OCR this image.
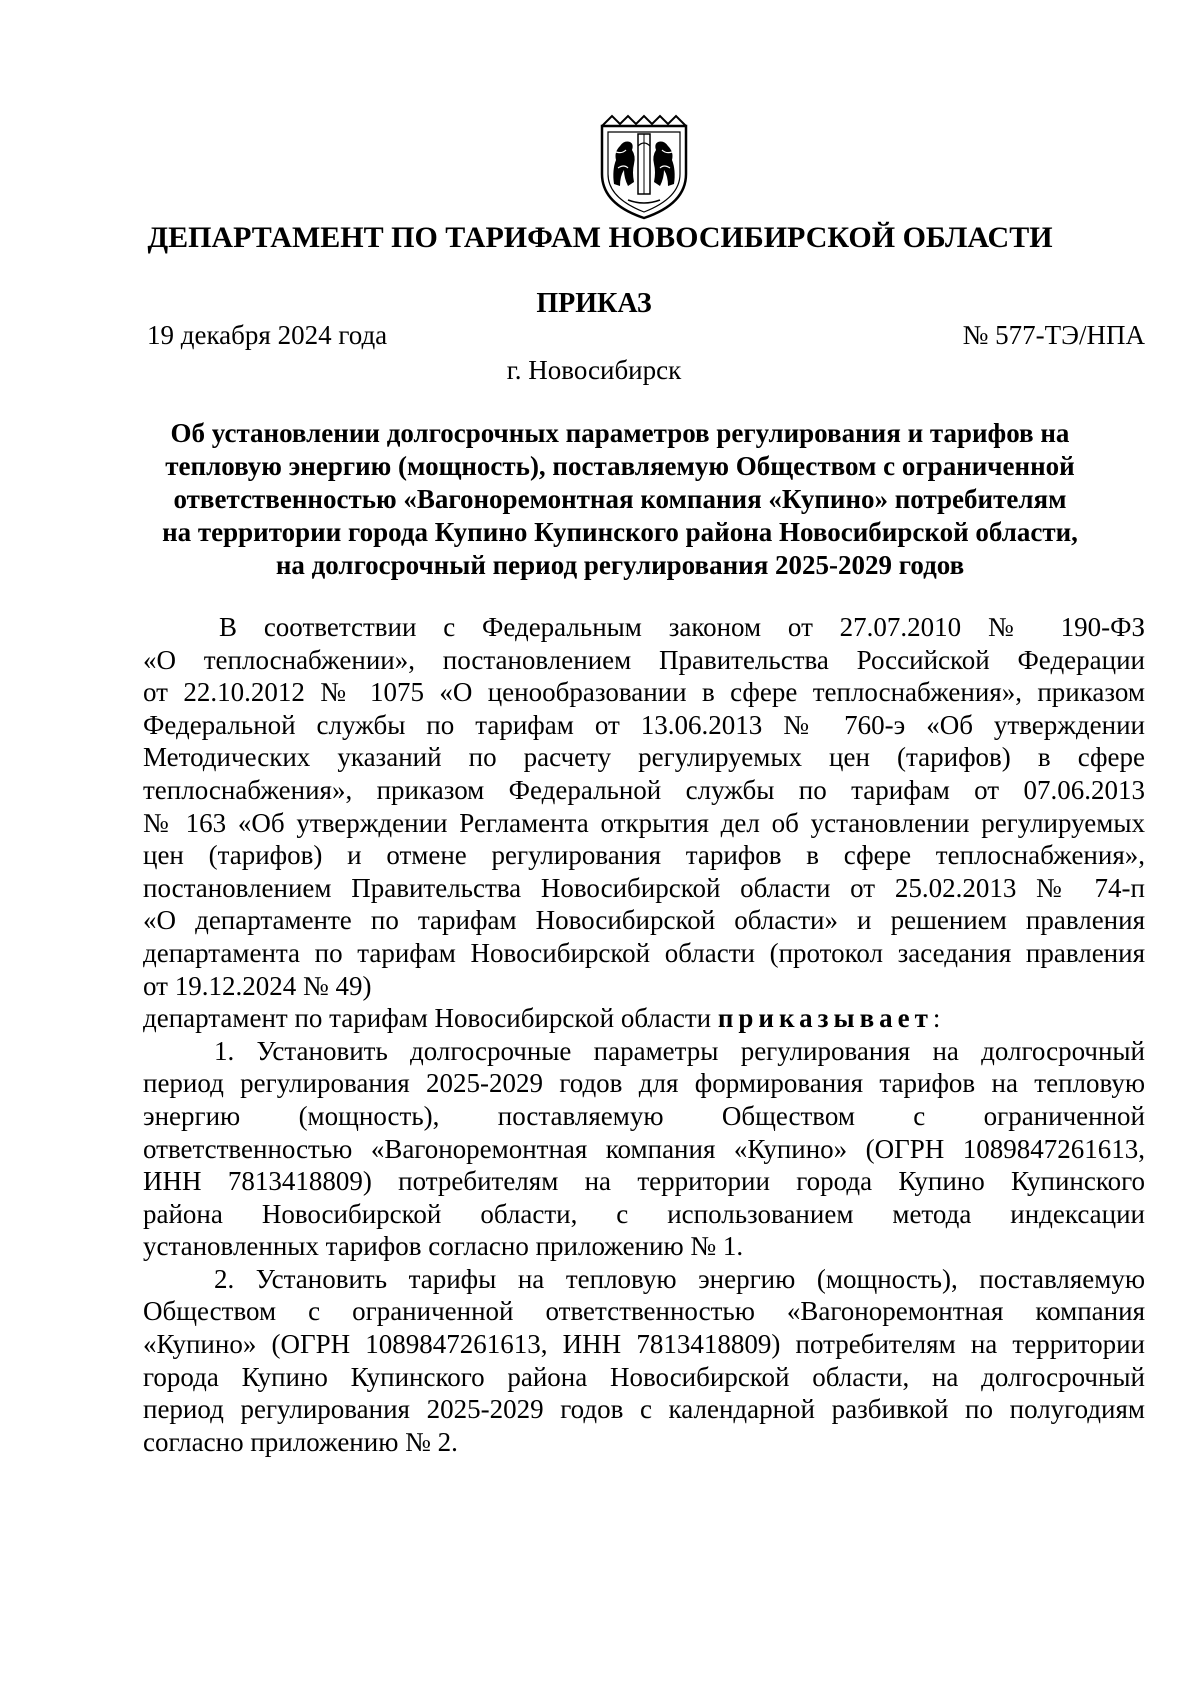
ДЕПАРТАМЕНТ ПО ТАРИФАМ НОВОСИБИРСКОЙ ОБЛАСТИ
ПРИКАЗ
19 декабря 2024 года	№ 577-ТЭ/НПА
г. Новосибирск
Об установлении долгосрочных параметров регулирования и тарифов на
тепловую энергию (мощность), поставляемую Обществом с ограниченной
ответственностью «Вагоноремонтная компания «Купино» потребителям
на территории города Купино Купинского района Новосибирской области,
на долгосрочный период регулирования 2025-2029 годов
В соответствии с Федеральным законом от 27.07.2010 № 190-ФЗ
«О теплоснабжении», постановлением Правительства Российской Федерации
от 22.10.2012 № 1075 «О ценообразовании в сфере теплоснабжения», приказом
Федеральной службы по тарифам от 13.06.2013 № 760-э «Об утверждении
Методических указаний по расчету регулируемых цен (тарифов) в сфере
теплоснабжения», приказом Федеральной службы по тарифам от 07.06.2013
№ 163 «Об утверждении Регламента открытия дел об установлении регулируемых
цен (тарифов) и отмене регулирования тарифов в сфере теплоснабжения»,
постановлением Правительства Новосибирской области от 25.02.2013 № 74-п
«О департаменте по тарифам Новосибирской области» и решением правления
департамента по тарифам Новосибирской области (протокол заседания правления
от 19.12.2024 № 49)
департамент по тарифам Новосибирской области приказывает:
1. Установить долгосрочные параметры регулирования на долгосрочный
период регулирования 2025-2029 годов для формирования тарифов на тепловую
энергию (мощность), поставляемую Обществом с ограниченной
ответственностью «Вагоноремонтная компания «Купино» (ОГРН 1089847261613,
ИНН 7813418809) потребителям на территории города Купино Купинского
района Новосибирской области, с использованием метода индексации
установленных тарифов согласно приложению № 1.
2. Установить тарифы на тепловую энергию (мощность), поставляемую
Обществом с ограниченной ответственностью «Вагоноремонтная компания
«Купино» (ОГРН 1089847261613, ИНН 7813418809) потребителям на территории
города Купино Купинского района Новосибирской области, на долгосрочный
период регулирования 2025-2029 годов с календарной разбивкой по полугодиям
согласно приложению № 2.
